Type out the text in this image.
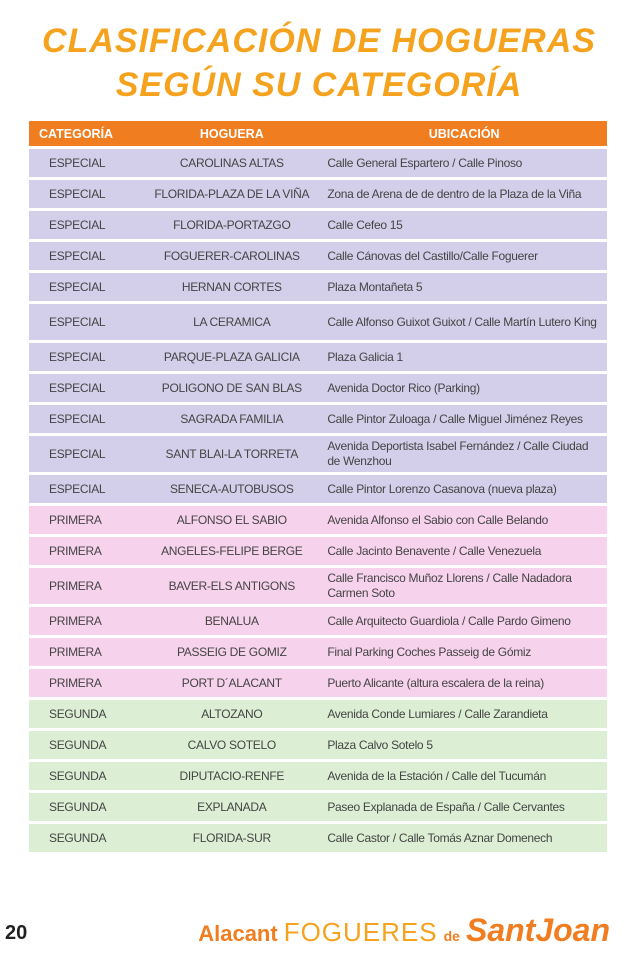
CLASIFICACIÓN DE HOGUERAS
SEGÚN SU CATEGORÍA
CATEGORÍA	HOGUERA	UBICACIÓN
ESPECIAL	CAROLINAS ALTAS	Calle General Espartero / Calle Pinoso
ESPECIAL	FLORIDA-PLAZA DE LA VIÑA	Zona de Arena de de dentro de la Plaza de la Viña
ESPECIAL	FLORIDA-PORTAZGO	Calle Cefeo 15
ESPECIAL	FOGUERER-CAROLINAS	Calle Cánovas del Castillo/Calle Foguerer
ESPECIAL	HERNAN CORTES	Plaza Montañeta 5
ESPECIAL	LA CERAMICA	Calle Alfonso Guixot Guixot / Calle Martín Lutero King
ESPECIAL	PARQUE-PLAZA GALICIA	Plaza Galicia 1
ESPECIAL	POLIGONO DE SAN BLAS	Avenida Doctor Rico (Parking)
ESPECIAL	SAGRADA FAMILIA	Calle Pintor Zuloaga / Calle Miguel Jiménez Reyes
ESPECIAL	SANT BLAI-LA TORRETA	Avenida Deportista Isabel Fernández / Calle Ciudad de Wenzhou
ESPECIAL	SENECA-AUTOBUSOS	Calle Pintor Lorenzo Casanova (nueva plaza)
PRIMERA	ALFONSO EL SABIO	Avenida Alfonso el Sabio con Calle Belando
PRIMERA	ANGELES-FELIPE BERGE	Calle Jacinto Benavente / Calle Venezuela
PRIMERA	BAVER-ELS ANTIGONS	Calle Francisco Muñoz Llorens / Calle Nadadora Carmen Soto
PRIMERA	BENALUA	Calle Arquitecto Guardiola / Calle Pardo Gimeno
PRIMERA	PASSEIG DE GOMIZ	Final Parking Coches Passeig de Gómiz
PRIMERA	PORT D´ALACANT	Puerto Alicante (altura escalera de la reina)
SEGUNDA	ALTOZANO	Avenida Conde Lumiares / Calle Zarandieta
SEGUNDA	CALVO SOTELO	Plaza Calvo Sotelo 5
SEGUNDA	DIPUTACIO-RENFE	Avenida de la Estación / Calle del Tucumán
SEGUNDA	EXPLANADA	Paseo Explanada de España / Calle Cervantes
SEGUNDA	FLORIDA-SUR	Calle Castor / Calle Tomás Aznar Domenech
20	Alacant FOGUERES de SantJoan
